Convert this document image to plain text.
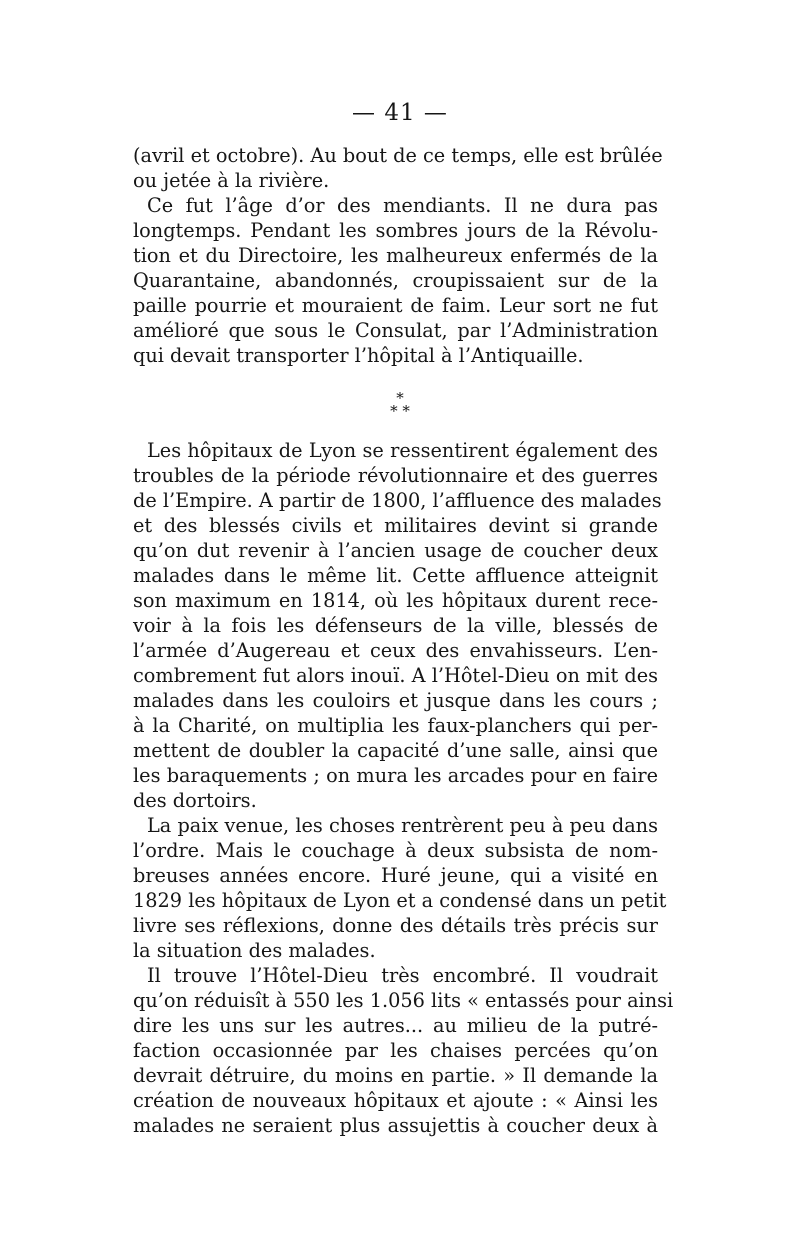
— 41 —
(avril et octobre). Au bout de ce temps, elle est brûlée
ou jetée à la rivière.
Ce fut l’âge d’or des mendiants. Il ne dura pas
longtemps. Pendant les sombres jours de la Révolu-
tion et du Directoire, les malheureux enfermés de la
Quarantaine, abandonnés, croupissaient sur de la
paille pourrie et mouraient de faim. Leur sort ne fut
amélioré que sous le Consulat, par l’Administration
qui devait transporter l’hôpital à l’Antiquaille.
*
* *
Les hôpitaux de Lyon se ressentirent également des
troubles de la période révolutionnaire et des guerres
de l’Empire. A partir de 1800, l’affluence des malades
et des blessés civils et militaires devint si grande
qu’on dut revenir à l’ancien usage de coucher deux
malades dans le même lit. Cette affluence atteignit
son maximum en 1814, où les hôpitaux durent rece-
voir à la fois les défenseurs de la ville, blessés de
l’armée d’Augereau et ceux des envahisseurs. L’en-
combrement fut alors inouï. A l’Hôtel-Dieu on mit des
malades dans les couloirs et jusque dans les cours ;
à la Charité, on multiplia les faux-planchers qui per-
mettent de doubler la capacité d’une salle, ainsi que
les baraquements ; on mura les arcades pour en faire
des dortoirs.
La paix venue, les choses rentrèrent peu à peu dans
l’ordre. Mais le couchage à deux subsista de nom-
breuses années encore. Huré jeune, qui a visité en
1829 les hôpitaux de Lyon et a condensé dans un petit
livre ses réflexions, donne des détails très précis sur
la situation des malades.
Il trouve l’Hôtel-Dieu très encombré. Il voudrait
qu’on réduisît à 550 les 1.056 lits « entassés pour ainsi
dire les uns sur les autres... au milieu de la putré-
faction occasionnée par les chaises percées qu’on
devrait détruire, du moins en partie. » Il demande la
création de nouveaux hôpitaux et ajoute : « Ainsi les
malades ne seraient plus assujettis à coucher deux à
